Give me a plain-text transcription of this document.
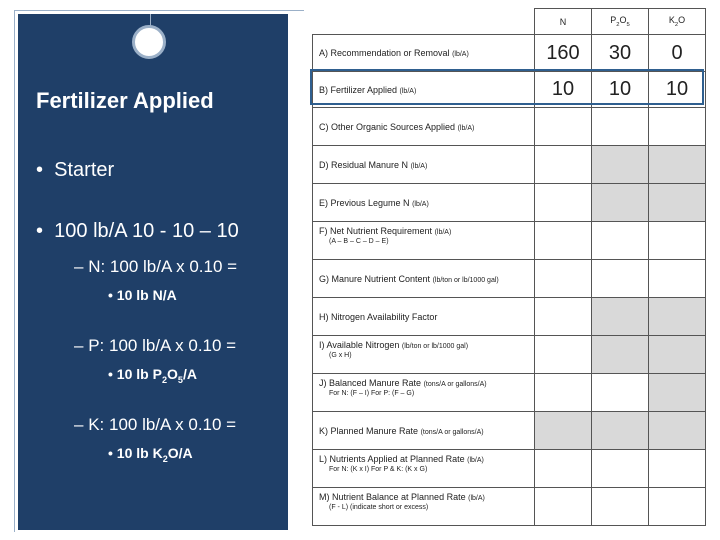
Fertilizer Applied
• Starter
• 100 lb/A 10 - 10 – 10
– N: 100 lb/A x 0.10 =
• 10 lb N/A
– P: 100 lb/A x 0.10 =
• 10 lb $P_2O_5/A$
– K: 100 lb/A x 0.10 =
• 10 lb $K_2O/A$
	N	$P_2O_5$	$K_2O$
A) Recommendation or Removal (lb/A)	160	30	0
B) Fertilizer Applied (lb/A)	10	10	10
C) Other Organic Sources Applied (lb/A)			
D) Residual Manure N (lb/A)			
E) Previous Legume N (lb/A)			
F) Net Nutrient Requirement (lb/A)
(A – B – C – D – E)			

G) Manure Nutrient Content (lb/ton or lb/1000 gal)			
H) Nitrogen Availability Factor			
I) Available Nitrogen (lb/ton or lb/1000 gal)
(G x H)			

J) Balanced Manure Rate (tons/A or gallons/A)
For N: (F – I) For P: (F – G)			

K) Planned Manure Rate (tons/A or gallons/A)			
L) Nutrients Applied at Planned Rate (lb/A)
For N: (K x I) For P & K: (K x G)			

M) Nutrient Balance at Planned Rate (lb/A)
(F - L) (indicate short or excess)			
